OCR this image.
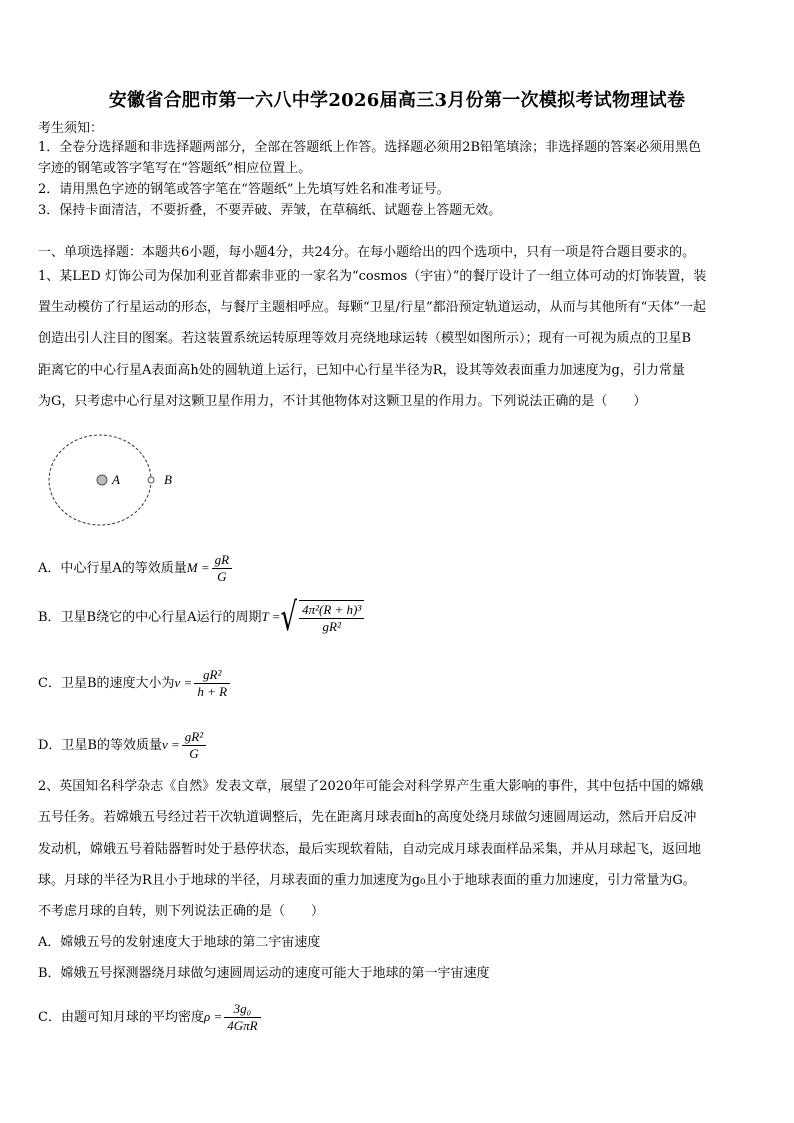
安徽省合肥市第一六八中学2026届高三3月份第一次模拟考试物理试卷
考生须知：
1．全卷分选择题和非选择题两部分，全部在答题纸上作答。选择题必须用2B铅笔填涂；非选择题的答案必须用黑色
字迹的钢笔或答字笔写在“答题纸”相应位置上。
2．请用黑色字迹的钢笔或答字笔在“答题纸”上先填写姓名和准考证号。
3．保持卡面清洁，不要折叠，不要弄破、弄皱，在草稿纸、试题卷上答题无效。
一、单项选择题：本题共6小题，每小题4分，共24分。在每小题给出的四个选项中，只有一项是符合题目要求的。
1、某LED 灯饰公司为保加利亚首都索非亚的一家名为“cosmos（宇宙）”的餐厅设计了一组立体可动的灯饰装置，装
置生动模仿了行星运动的形态，与餐厅主题相呼应。每颗“卫星/行星”都沿预定轨道运动，从而与其他所有“天体”一起
创造出引人注目的图案。若这装置系统运转原理等效月亮绕地球运转（模型如图所示）；现有一可视为质点的卫星B
距离它的中心行星A表面高h处的圆轨道上运行，已知中心行星半径为R，设其等效表面重力加速度为g，引力常量
为G，只考虑中心行星对这颗卫星作用力，不计其他物体对这颗卫星的作用力。下列说法正确的是（　　）
A	B
A．中心行星A的等效质量$M = \frac{gR}{G}$
B．卫星B绕它的中心行星A运行的周期T =√ $\frac{\text{4π²(R + h)³}}{\text{gR²}}$
C．卫星B的速度大小为$v = \frac{\text{gR²}}{h + R}$
D．卫星B的等效质量$v = \frac{\text{gR²}}{G}$
2、英国知名科学杂志《自然》发表文章，展望了2020年可能会对科学界产生重大影响的事件，其中包括中国的嫦娥
五号任务。若嫦娥五号经过若干次轨道调整后，先在距离月球表面h的高度处绕月球做匀速圆周运动，然后开启反冲
发动机，嫦娥五号着陆器暂时处于悬停状态，最后实现软着陆，自动完成月球表面样品采集，并从月球起飞，返回地
球。月球的半径为R且小于地球的半径，月球表面的重力加速度为g₀且小于地球表面的重力加速度，引力常量为G。
不考虑月球的自转，则下列说法正确的是（　　）
A．嫦娥五号的发射速度大于地球的第二宇宙速度
B．嫦娥五号探测器绕月球做匀速圆周运动的速度可能大于地球的第一宇宙速度
C．由题可知月球的平均密度$\rho = \frac{\text{3g₀}}{\text{4GπR}}$
